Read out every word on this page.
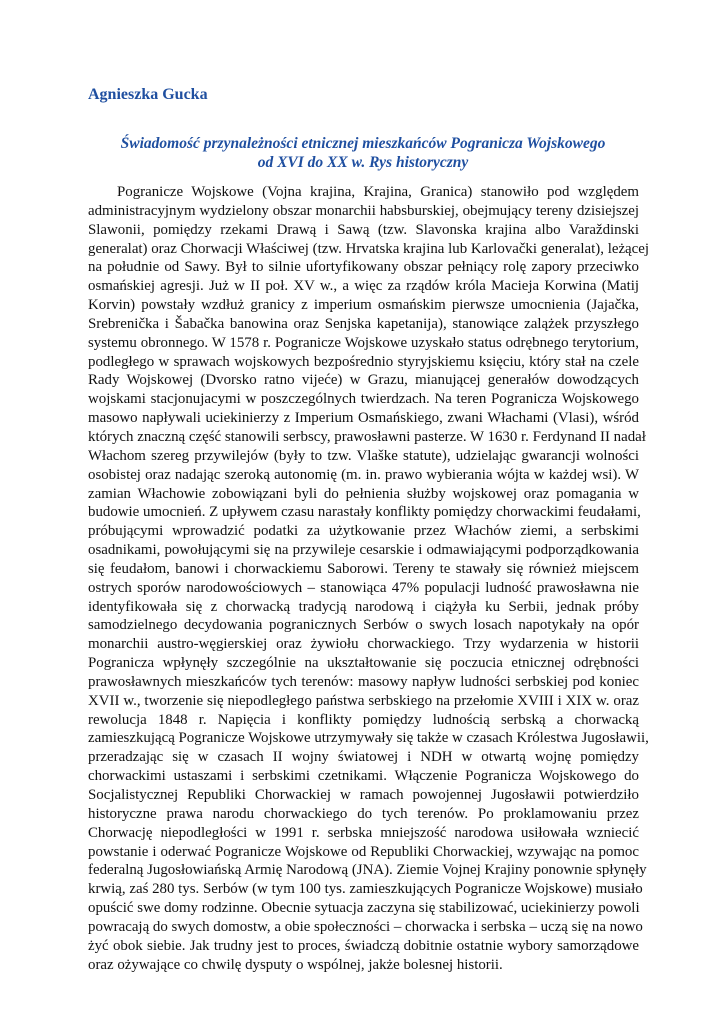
Agnieszka Gucka

Świadomość przynależności etnicznej mieszkańców Pogranicza Wojskowego
od XVI do XX w. Rys historyczny
Pogranicze Wojskowe (Vojna krajina, Krajina, Granica) stanowiło pod względem
administracyjnym wydzielony obszar monarchii habsburskiej, obejmujący tereny dzisiejszej
Slawonii, pomiędzy rzekami Drawą i Sawą (tzw. Slavonska krajina albo Varaždinski
generalat) oraz Chorwacji Właściwej (tzw. Hrvatska krajina lub Karlovački generalat), leżącej
na południe od Sawy. Był to silnie ufortyfikowany obszar pełniący rolę zapory przeciwko
osmańskiej agresji. Już w II poł. XV w., a więc za rządów króla Macieja Korwina (Matij
Korvin) powstały wzdłuż granicy z imperium osmańskim pierwsze umocnienia (Jajačka,
Srebrenička i Šabačka banowina oraz Senjska kapetanija), stanowiące zalążek przyszłego
systemu obronnego. W 1578 r. Pogranicze Wojskowe uzyskało status odrębnego terytorium,
podległego w sprawach wojskowych bezpośrednio styryjskiemu księciu, który stał na czele
Rady Wojskowej (Dvorsko ratno vijeće) w Grazu, mianującej generałów dowodzących
wojskami stacjonujacymi w poszczególnych twierdzach. Na teren Pogranicza Wojskowego
masowo napływali uciekinierzy z Imperium Osmańskiego, zwani Włachami (Vlasi), wśród
których znaczną część stanowili serbscy, prawosławni pasterze. W 1630 r. Ferdynand II nadał
Włachom szereg przywilejów (były to tzw. Vlaške statute), udzielając gwarancji wolności
osobistej oraz nadając szeroką autonomię (m. in. prawo wybierania wójta w każdej wsi). W
zamian Włachowie zobowiązani byli do pełnienia służby wojskowej oraz pomagania w
budowie umocnień. Z upływem czasu narastały konflikty pomiędzy chorwackimi feudałami,
próbującymi wprowadzić podatki za użytkowanie przez Włachów ziemi, a serbskimi
osadnikami, powołującymi się na przywileje cesarskie i odmawiającymi podporządkowania
się feudałom, banowi i chorwackiemu Saborowi. Tereny te stawały się również miejscem
ostrych sporów narodowościowych – stanowiąca 47% populacji ludność prawosławna nie
identyfikowała się z chorwacką tradycją narodową i ciążyła ku Serbii, jednak próby
samodzielnego decydowania pogranicznych Serbów o swych losach napotykały na opór
monarchii austro-węgierskiej oraz żywiołu chorwackiego. Trzy wydarzenia w historii
Pogranicza wpłynęły szczególnie na ukształtowanie się poczucia etnicznej odrębności
prawosławnych mieszkańców tych terenów: masowy napływ ludności serbskiej pod koniec
XVII w., tworzenie się niepodległego państwa serbskiego na przełomie XVIII i XIX w. oraz
rewolucja 1848 r. Napięcia i konflikty pomiędzy ludnością serbską a chorwacką
zamieszkującą Pogranicze Wojskowe utrzymywały się także w czasach Królestwa Jugosławii,
przeradzając się w czasach II wojny światowej i NDH w otwartą wojnę pomiędzy
chorwackimi ustaszami i serbskimi czetnikami. Włączenie Pogranicza Wojskowego do
Socjalistycznej Republiki Chorwackiej w ramach powojennej Jugosławii potwierdziło
historyczne prawa narodu chorwackiego do tych terenów. Po proklamowaniu przez
Chorwację niepodległości w 1991 r. serbska mniejszość narodowa usiłowała wzniecić
powstanie i oderwać Pogranicze Wojskowe od Republiki Chorwackiej, wzywając na pomoc
federalną Jugosłowiańską Armię Narodową (JNA). Ziemie Vojnej Krajiny ponownie spłynęły
krwią, zaś 280 tys. Serbów (w tym 100 tys. zamieszkujących Pogranicze Wojskowe) musiało
opuścić swe domy rodzinne. Obecnie sytuacja zaczyna się stabilizować, uciekinierzy powoli
powracają do swych domostw, a obie społeczności – chorwacka i serbska – uczą się na nowo
żyć obok siebie. Jak trudny jest to proces, świadczą dobitnie ostatnie wybory samorządowe
oraz ożywające co chwilę dysputy o wspólnej, jakże bolesnej historii.
